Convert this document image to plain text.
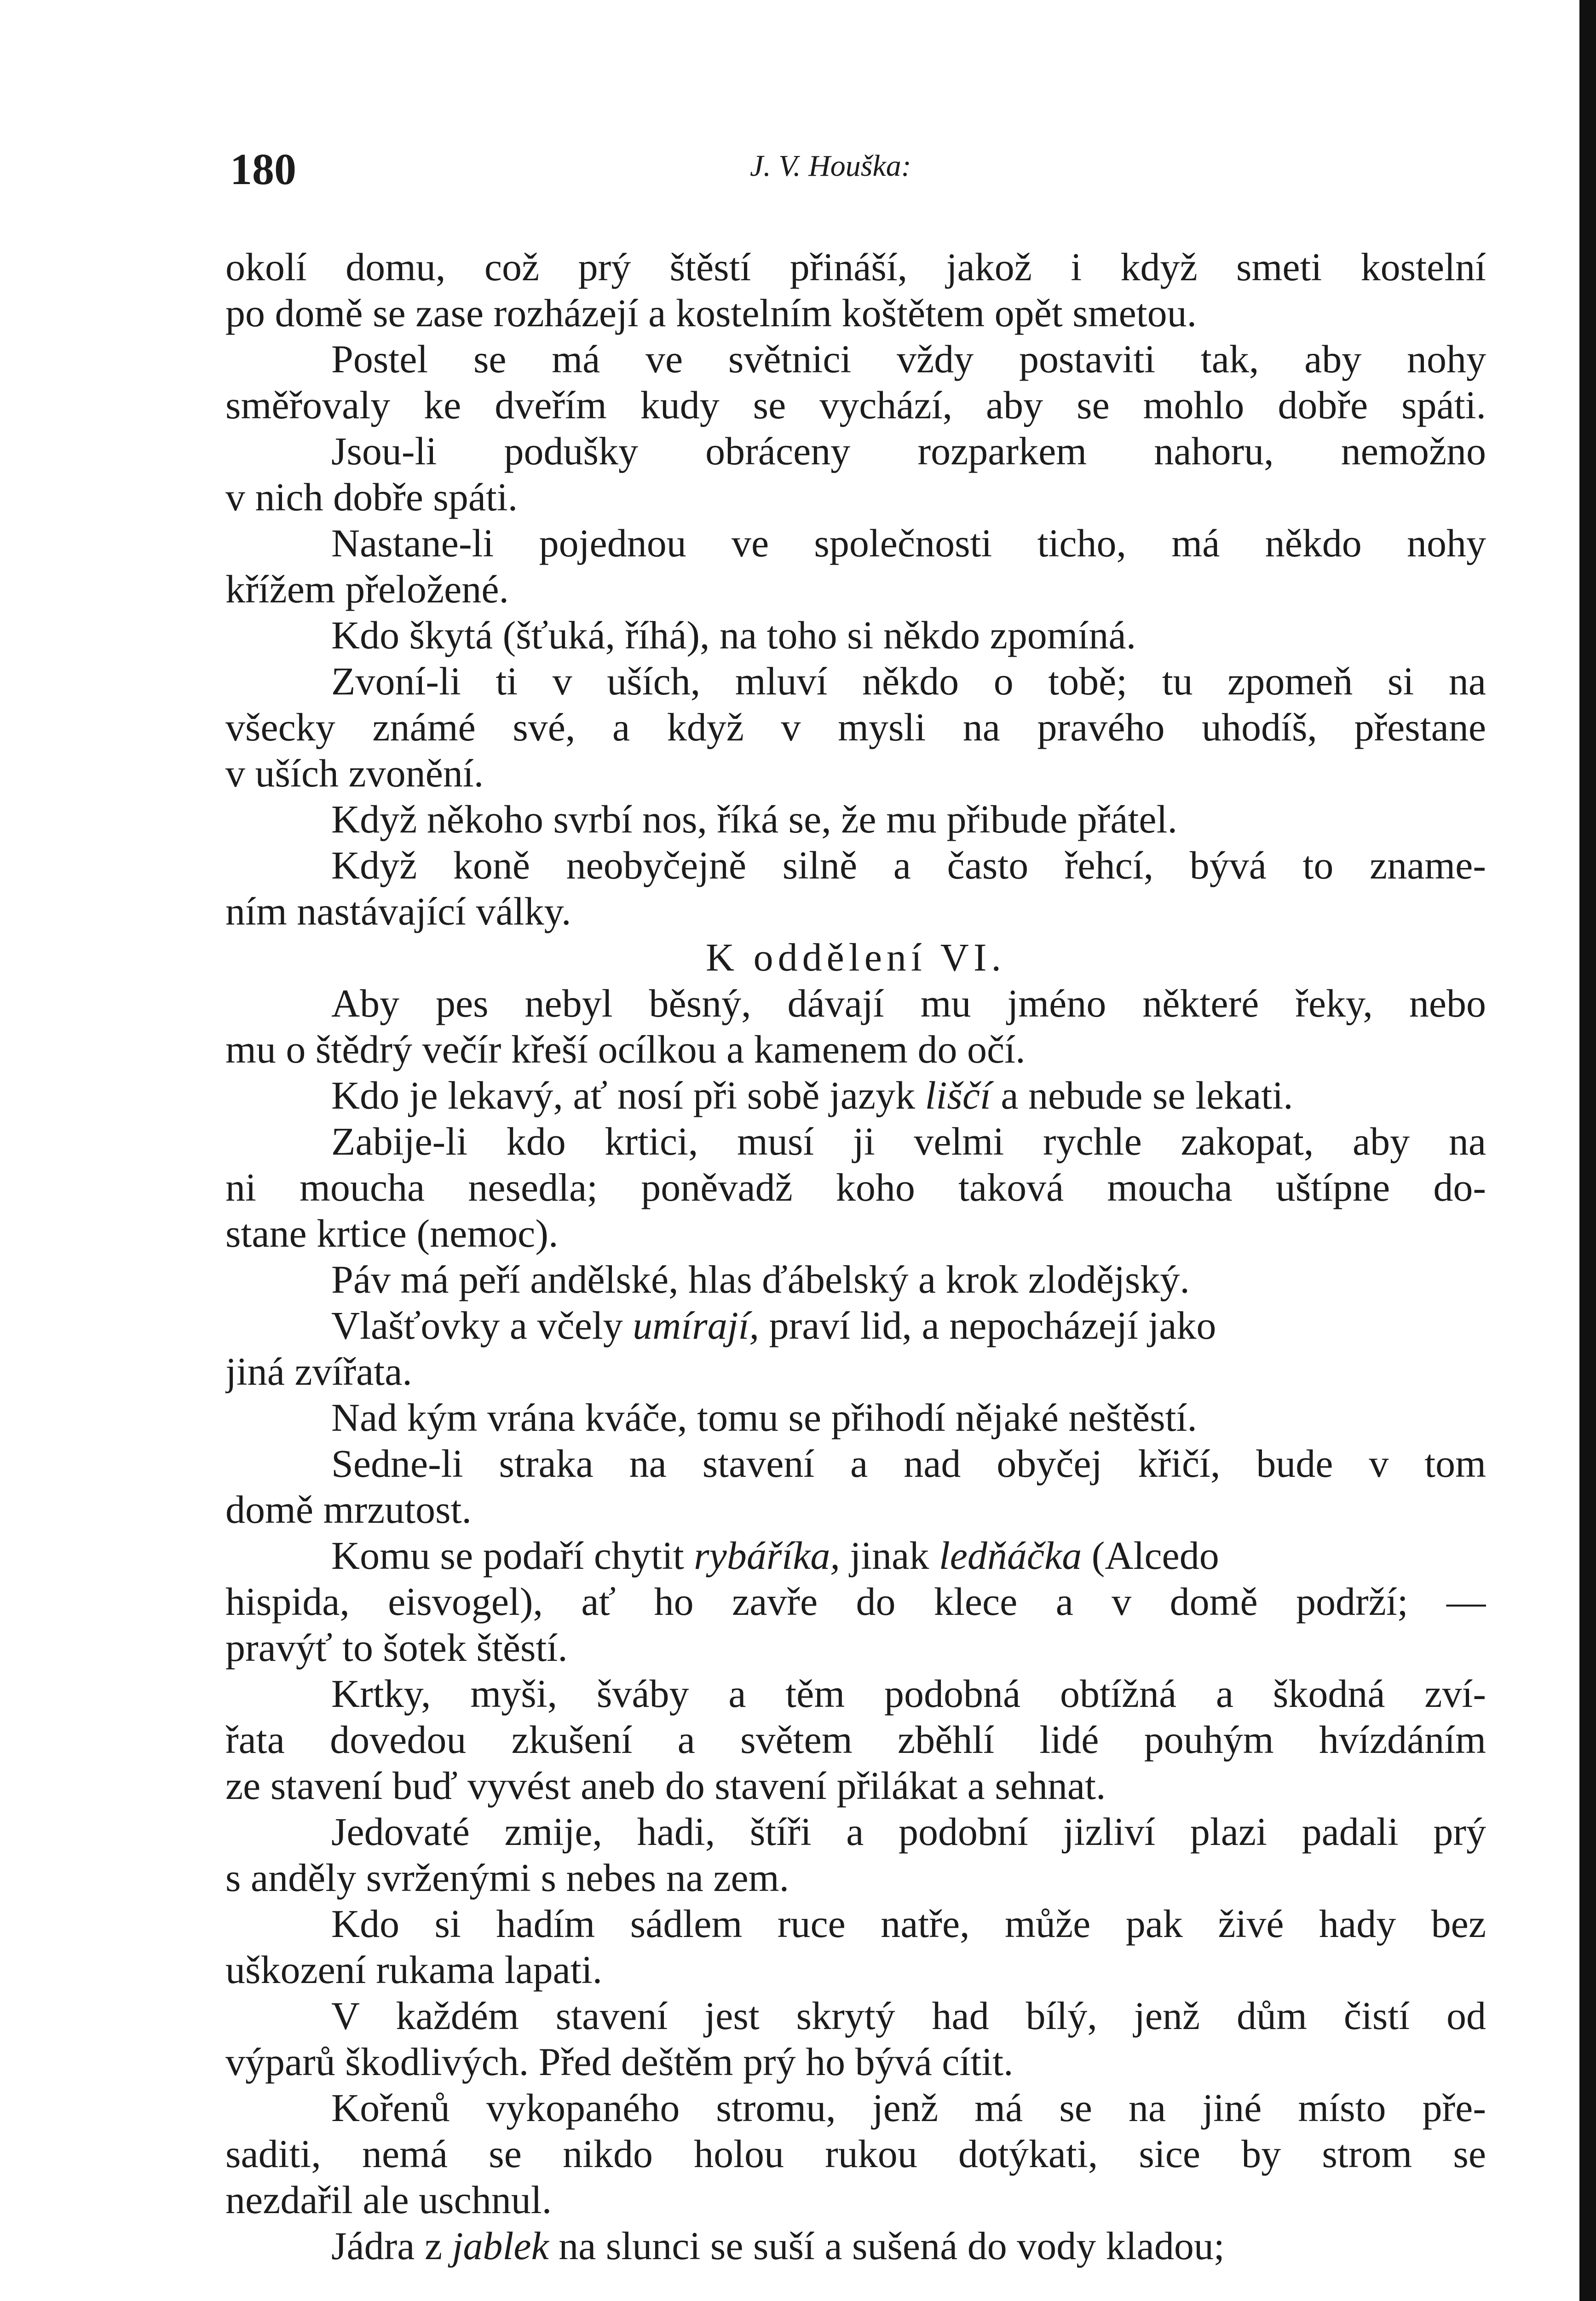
180	J. V. Houška:
okolí domu, což prý štěstí přináší, jakož i když smeti kostelní
po domě se zase rozházejí a kostelním koštětem opět smetou.
Postel se má ve světnici vždy postaviti tak, aby nohy
směřovaly ke dveřím kudy se vychází, aby se mohlo dobře spáti.
Jsou-li podušky obráceny rozparkem nahoru, nemožno
v nich dobře spáti.
Nastane-li pojednou ve společnosti ticho, má někdo nohy
křížem přeložené.
Kdo škytá (šťuká, říhá), na toho si někdo zpomíná.
Zvoní-li ti v uších, mluví někdo o tobě; tu zpomeň si na
všecky známé své, a když v mysli na pravého uhodíš, přestane
v uších zvonění.
Když někoho svrbí nos, říká se, že mu přibude přátel.
Když koně neobyčejně silně a často řehcí, bývá to zname-
ním nastávající války.
K oddělení VI.
Aby pes nebyl běsný, dávají mu jméno některé řeky, nebo
mu o štědrý večír křeší ocílkou a kamenem do očí.
Kdo je lekavý, ať nosí při sobě jazyk liščí a nebude se lekati.
Zabije-li kdo krtici, musí ji velmi rychle zakopat, aby na
ni moucha nesedla; poněvadž koho taková moucha uštípne do-
stane krtice (nemoc).
Páv má peří andělské, hlas ďábelský a krok zlodějský.
Vlašťovky a včely umírají, praví lid, a nepocházejí jako
jiná zvířata.
Nad kým vrána kváče, tomu se přihodí nějaké neštěstí.
Sedne-li straka na stavení a nad obyčej křičí, bude v tom
domě mrzutost.
Komu se podaří chytit rybáříka, jinak ledňáčka (Alcedo
hispida, eisvogel), ať ho zavře do klece a v domě podrží; —
pravýť to šotek štěstí.
Krtky, myši, šváby a těm podobná obtížná a škodná zví-
řata dovedou zkušení a světem zběhlí lidé pouhým hvízdáním
ze stavení buď vyvést aneb do stavení přilákat a sehnat.
Jedovaté zmije, hadi, štíři a podobní jizliví plazi padali prý
s anděly svrženými s nebes na zem.
Kdo si hadím sádlem ruce natře, může pak živé hady bez
uškození rukama lapati.
V každém stavení jest skrytý had bílý, jenž dům čistí od
výparů škodlivých. Před deštěm prý ho bývá cítit.
Kořenů vykopaného stromu, jenž má se na jiné místo pře-
saditi, nemá se nikdo holou rukou dotýkati, sice by strom se
nezdařil ale uschnul.
Jádra z jablek na slunci se suší a sušená do vody kladou;
